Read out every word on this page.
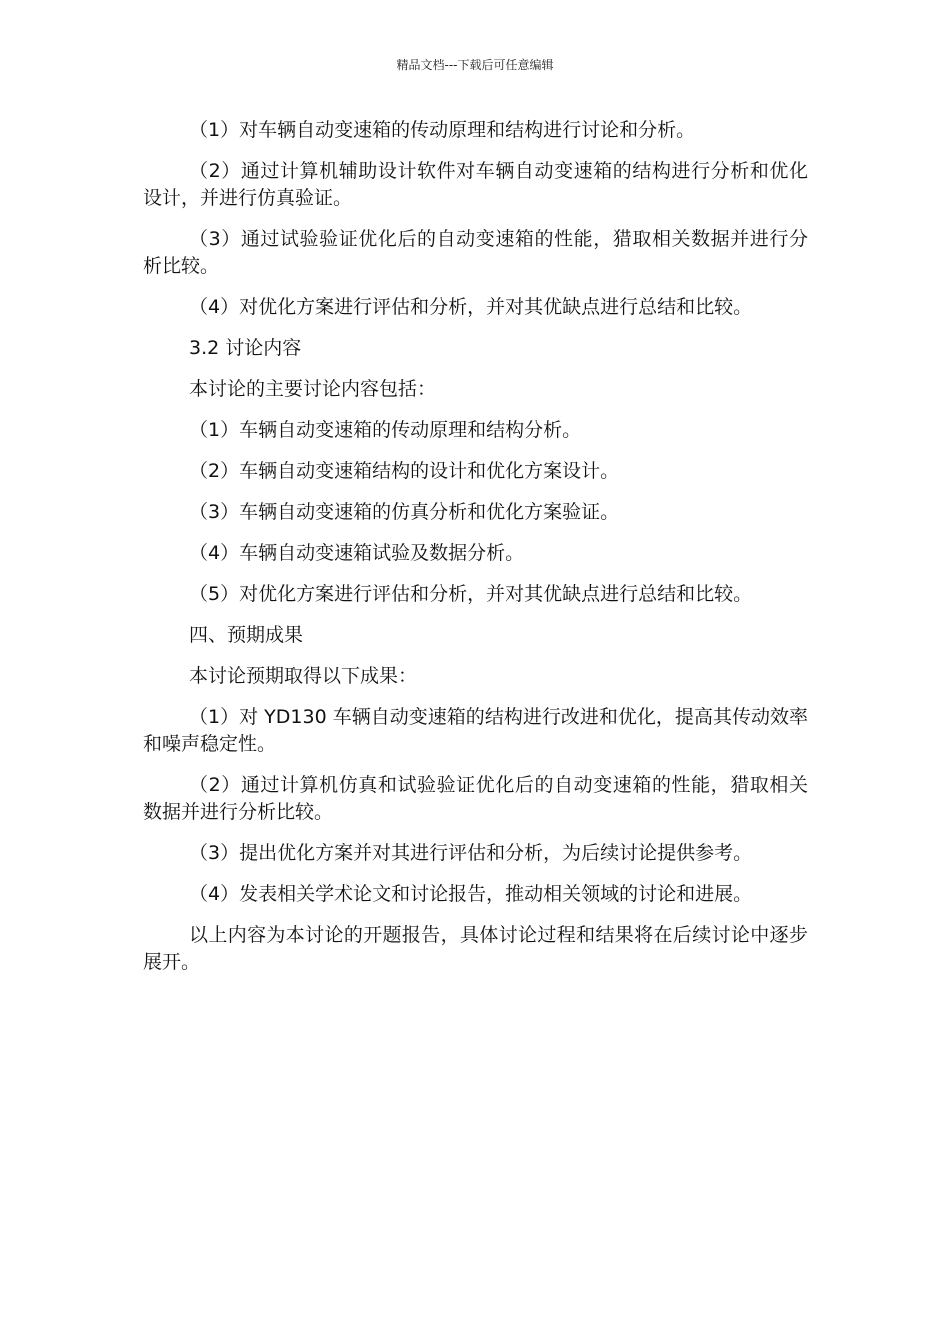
精品文档---下载后可任意编辑

（1）对车辆自动变速箱的传动原理和结构进行讨论和分析。

（2）通过计算机辅助设计软件对车辆自动变速箱的结构进行分析和优化设计，并进行仿真验证。

（3）通过试验验证优化后的自动变速箱的性能，猎取相关数据并进行分析比较。

（4）对优化方案进行评估和分析，并对其优缺点进行总结和比较。

3.2 讨论内容

本讨论的主要讨论内容包括：

（1）车辆自动变速箱的传动原理和结构分析。

（2）车辆自动变速箱结构的设计和优化方案设计。

（3）车辆自动变速箱的仿真分析和优化方案验证。

（4）车辆自动变速箱试验及数据分析。

（5）对优化方案进行评估和分析，并对其优缺点进行总结和比较。

四、预期成果

本讨论预期取得以下成果：

（1）对 YD130 车辆自动变速箱的结构进行改进和优化，提高其传动效率和噪声稳定性。

（2）通过计算机仿真和试验验证优化后的自动变速箱的性能，猎取相关数据并进行分析比较。

（3）提出优化方案并对其进行评估和分析，为后续讨论提供参考。

（4）发表相关学术论文和讨论报告，推动相关领域的讨论和进展。

以上内容为本讨论的开题报告，具体讨论过程和结果将在后续讨论中逐步展开。
